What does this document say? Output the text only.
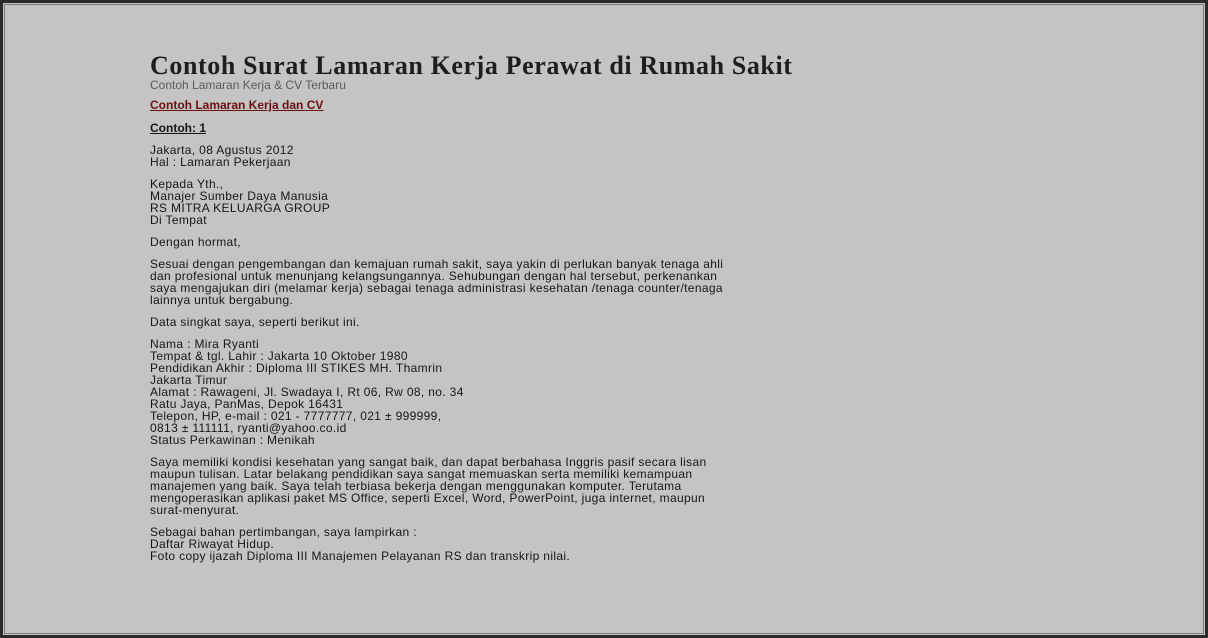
Contoh Surat Lamaran Kerja Perawat di Rumah Sakit
Contoh Lamaran Kerja & CV Terbaru
Contoh Lamaran Kerja dan CV
Contoh: 1
Jakarta, 08 Agustus 2012
Hal : Lamaran Pekerjaan
Kepada Yth.,
Manajer Sumber Daya Manusia
RS MITRA KELUARGA GROUP
Di Tempat
Dengan hormat,
Sesuai dengan pengembangan dan kemajuan rumah sakit, saya yakin di perlukan banyak tenaga ahli
dan profesional untuk menunjang kelangsungannya. Sehubungan dengan hal tersebut, perkenankan
saya mengajukan diri (melamar kerja) sebagai tenaga administrasi kesehatan /tenaga counter/tenaga
lainnya untuk bergabung.
Data singkat saya, seperti berikut ini.
Nama : Mira Ryanti
Tempat & tgl. Lahir : Jakarta 10 Oktober 1980
Pendidikan Akhir : Diploma III STIKES MH. Thamrin
Jakarta Timur
Alamat : Rawageni, Jl. Swadaya I, Rt 06, Rw 08, no. 34
Ratu Jaya, PanMas, Depok 16431
Telepon, HP, e-mail : 021 - 7777777, 021 ± 999999,
0813 ± 111111, ryanti@yahoo.co.id
Status Perkawinan : Menikah
Saya memiliki kondisi kesehatan yang sangat baik, dan dapat berbahasa Inggris pasif secara lisan
maupun tulisan. Latar belakang pendidikan saya sangat memuaskan serta memiliki kemampuan
manajemen yang baik. Saya telah terbiasa bekerja dengan menggunakan komputer. Terutama
mengoperasikan aplikasi paket MS Office, seperti Excel, Word, PowerPoint, juga internet, maupun
surat-menyurat.
Sebagai bahan pertimbangan, saya lampirkan :
Daftar Riwayat Hidup.
Foto copy ijazah Diploma III Manajemen Pelayanan RS dan transkrip nilai.
